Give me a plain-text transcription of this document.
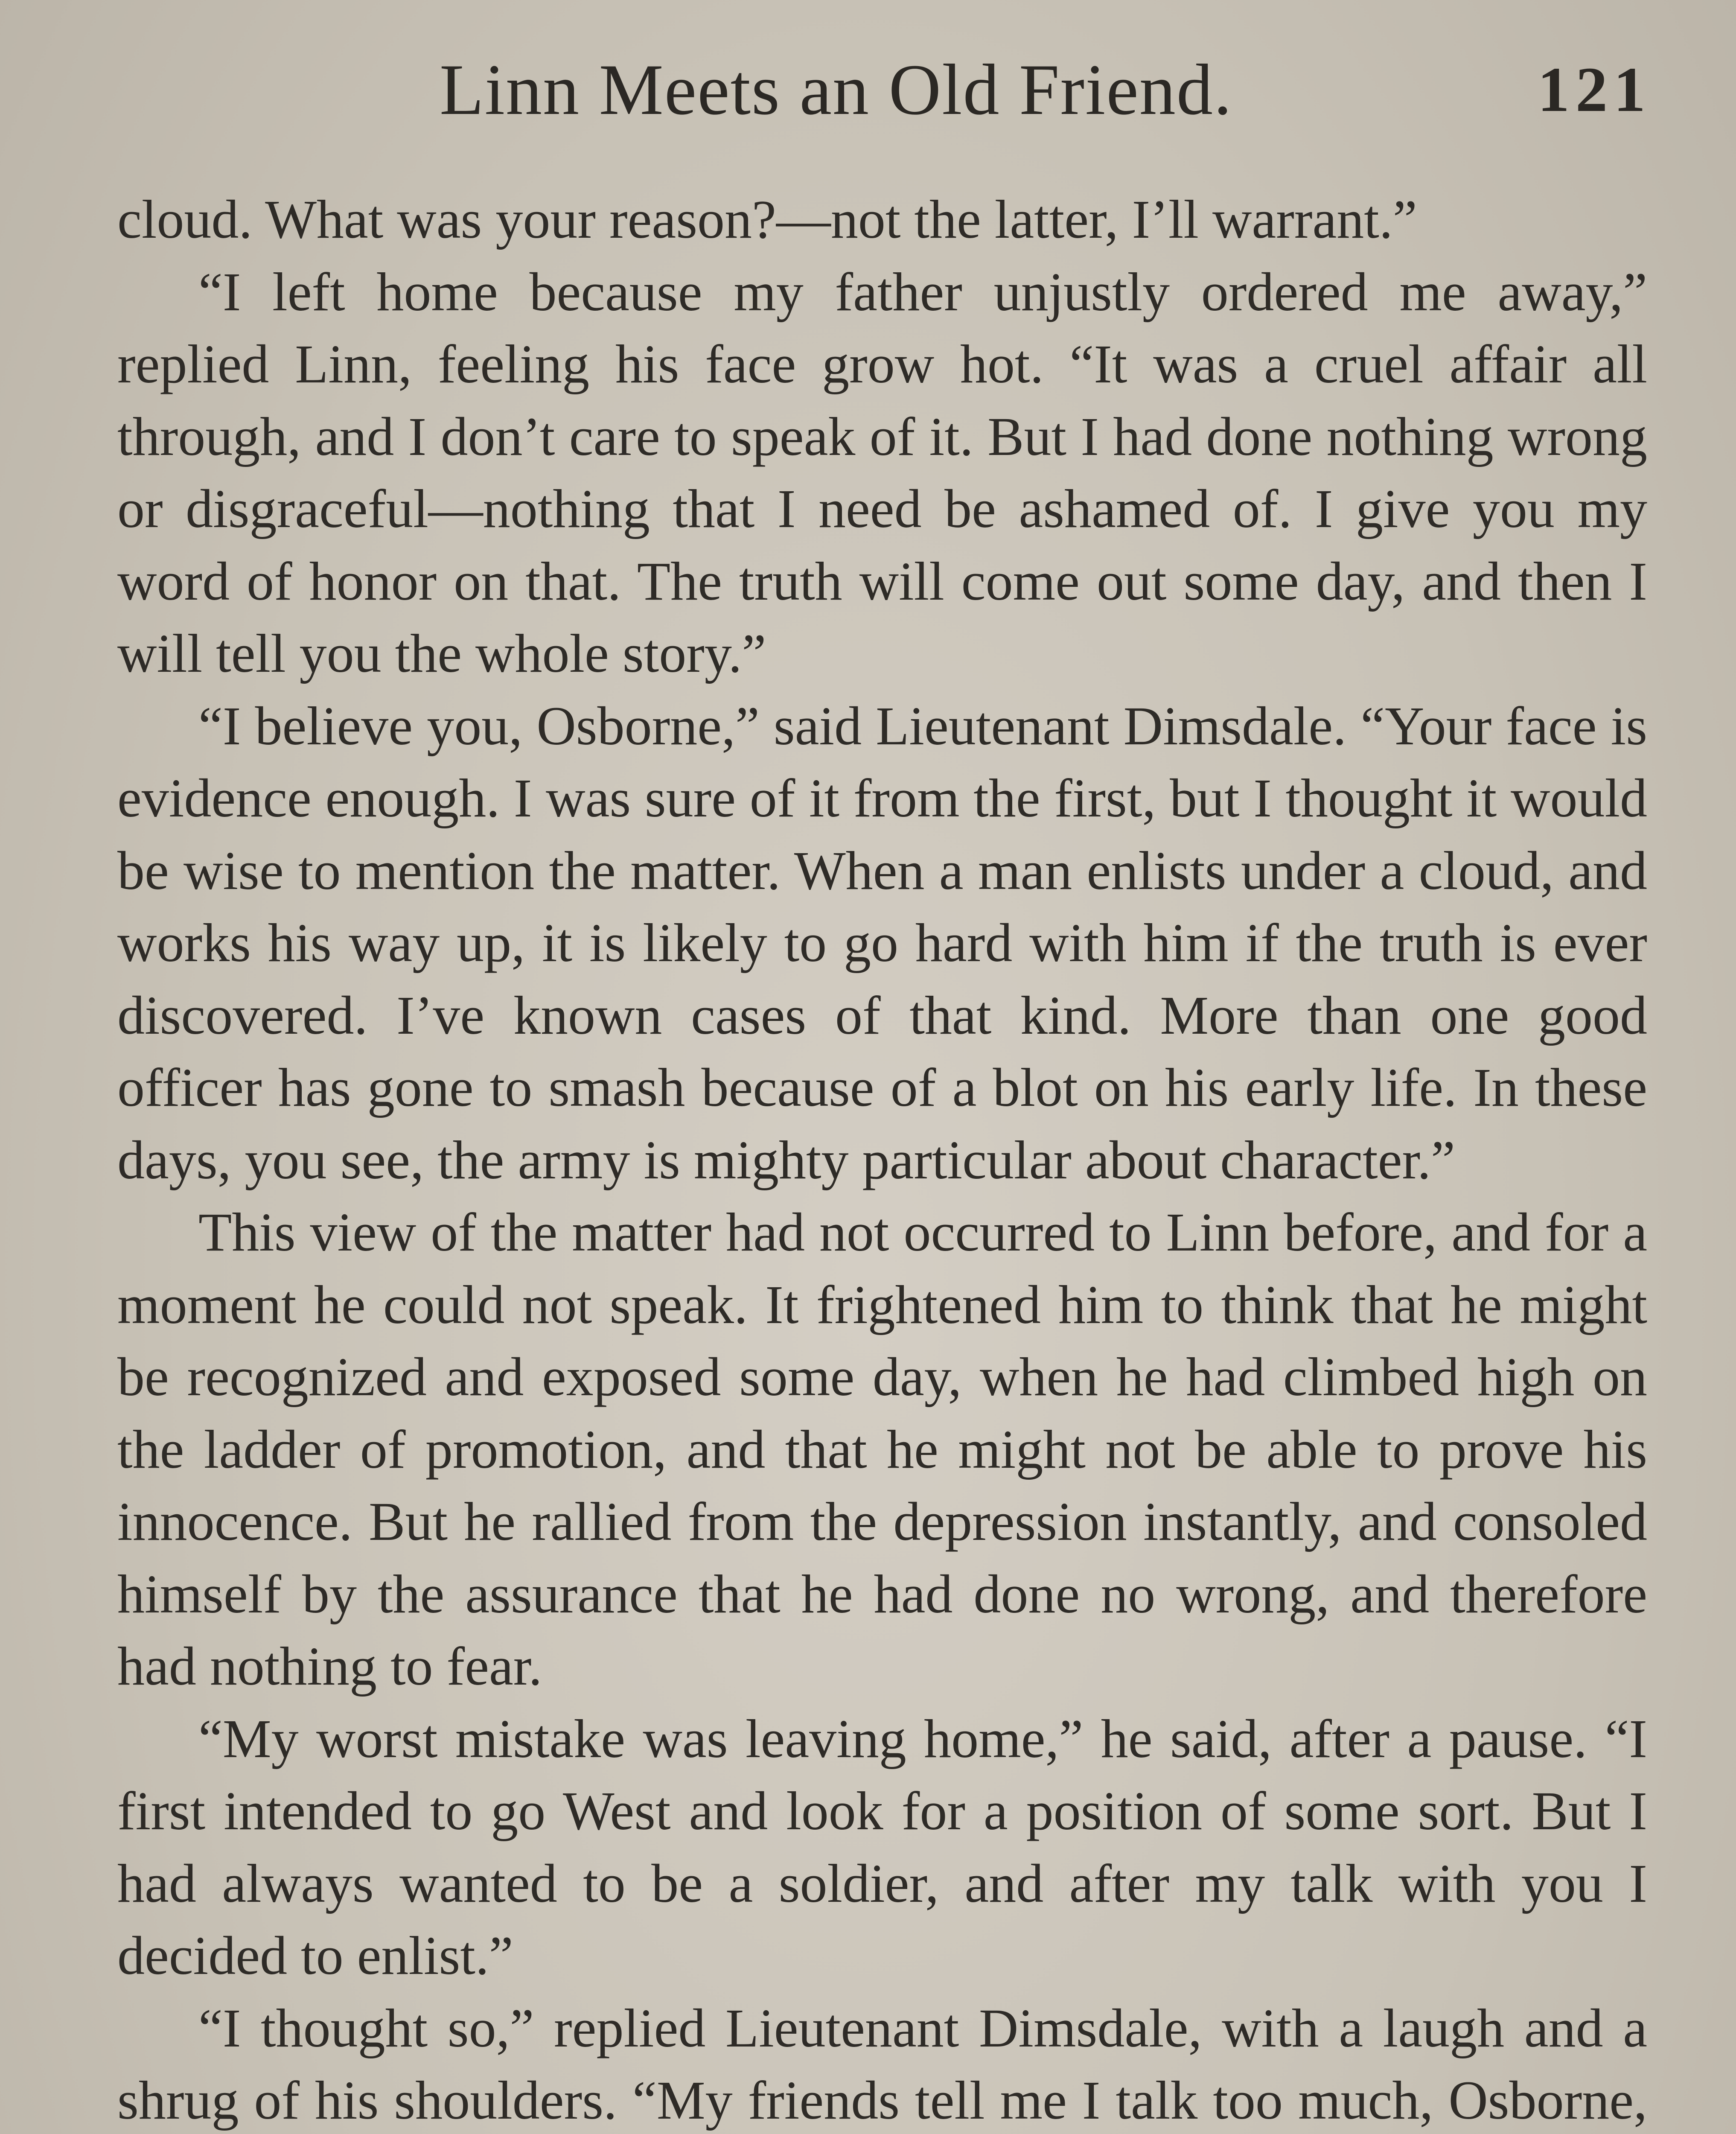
Linn Meets an Old Friend.	121

cloud. What was your reason?—not the latter, I’ll warrant.”

“I left home because my father unjustly ordered me away,” replied Linn, feeling his face grow hot. “It was a cruel affair all through, and I don’t care to speak of it. But I had done nothing wrong or disgraceful—nothing that I need be ashamed of. I give you my word of honor on that. The truth will come out some day, and then I will tell you the whole story.”

“I believe you, Osborne,” said Lieutenant Dimsdale. “Your face is evidence enough. I was sure of it from the first, but I thought it would be wise to mention the matter. When a man enlists under a cloud, and works his way up, it is likely to go hard with him if the truth is ever discovered. I’ve known cases of that kind. More than one good officer has gone to smash because of a blot on his early life. In these days, you see, the army is mighty particular about character.”

This view of the matter had not occurred to Linn before, and for a moment he could not speak. It frightened him to think that he might be recognized and exposed some day, when he had climbed high on the ladder of promotion, and that he might not be able to prove his innocence. But he rallied from the depression instantly, and consoled himself by the assurance that he had done no wrong, and therefore had nothing to fear.

“My worst mistake was leaving home,” he said, after a pause. “I first intended to go West and look for a position of some sort. But I had always wanted to be a soldier, and after my talk with you I decided to enlist.”

“I thought so,” replied Lieutenant Dimsdale, with a laugh and a shrug of his shoulders. “My friends tell me I talk too much, Osborne,
